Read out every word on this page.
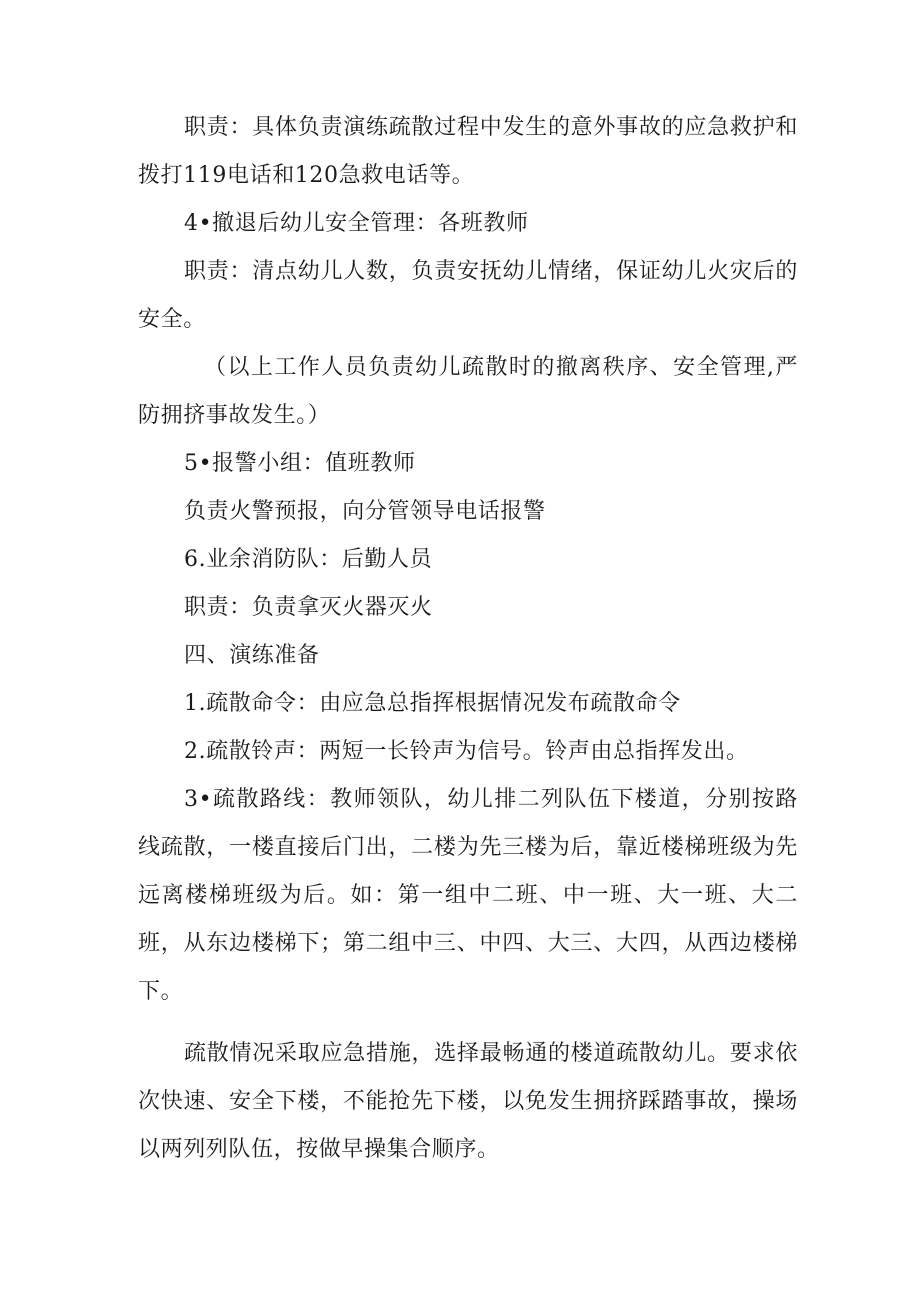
职责：具体负责演练疏散过程中发生的意外事故的应急救护和拨打119电话和120急救电话等。

4•撤退后幼儿安全管理：各班教师

职责：清点幼儿人数，负责安抚幼儿情绪，保证幼儿火灾后的安全。

（以上工作人员负责幼儿疏散时的撤离秩序、安全管理,严防拥挤事故发生。）

5•报警小组：值班教师

负责火警预报，向分管领导电话报警

6.业余消防队：后勤人员

职责：负责拿灭火器灭火

四、演练准备

1.疏散命令：由应急总指挥根据情况发布疏散命令

2.疏散铃声：两短一长铃声为信号。铃声由总指挥发出。

3•疏散路线：教师领队，幼儿排二列队伍下楼道，分别按路线疏散，一楼直接后门出，二楼为先三楼为后，靠近楼梯班级为先远离楼梯班级为后。如：第一组中二班、中一班、大一班、大二班，从东边楼梯下；第二组中三、中四、大三、大四，从西边楼梯下。

疏散情况采取应急措施，选择最畅通的楼道疏散幼儿。要求依次快速、安全下楼，不能抢先下楼，以免发生拥挤踩踏事故，操场以两列列队伍，按做早操集合顺序。
